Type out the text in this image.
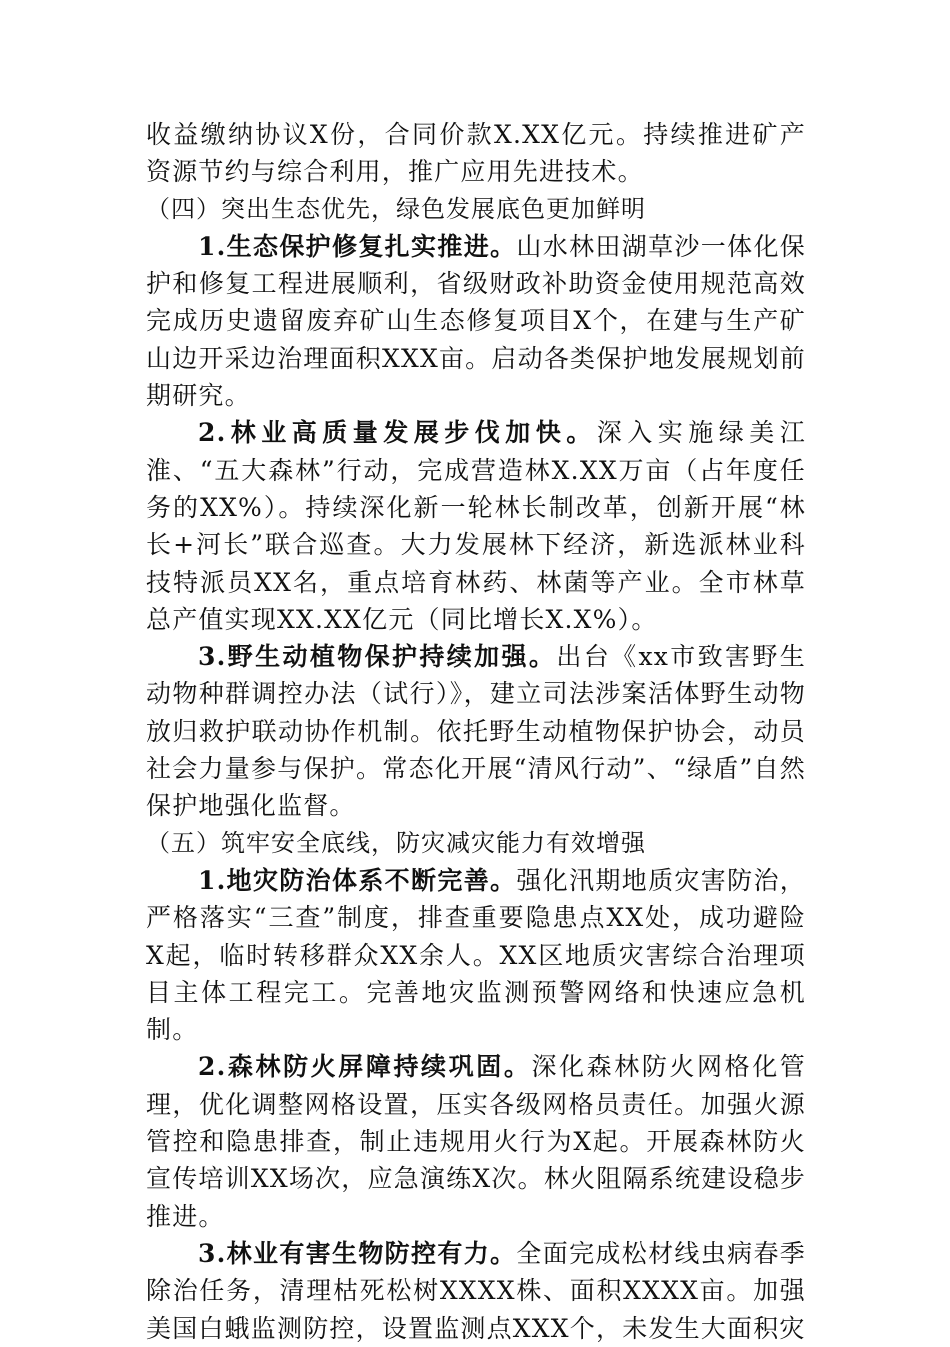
收益缴纳协议X份，合同价款X.XX亿元。持续推进矿产资源节约与综合利用，推广应用先进技术。

（四）突出生态优先，绿色发展底色更加鲜明

1.生态保护修复扎实推进。山水林田湖草沙一体化保护和修复工程进展顺利，省级财政补助资金使用规范高效完成历史遗留废弃矿山生态修复项目X个，在建与生产矿山边开采边治理面积XXX亩。启动各类保护地发展规划前期研究。

2.林业高质量发展步伐加快。深入实施绿美江淮、“五大森林”行动，完成营造林X.XX万亩（占年度任务的XX%）。持续深化新一轮林长制改革，创新开展“林长+河长”联合巡查。大力发展林下经济，新选派林业科技特派员XX名，重点培育林药、林菌等产业。全市林草总产值实现XX.XX亿元（同比增长X.X%）。

3.野生动植物保护持续加强。出台《xx市致害野生动物种群调控办法（试行）》，建立司法涉案活体野生动物放归救护联动协作机制。依托野生动植物保护协会，动员社会力量参与保护。常态化开展“清风行动”、“绿盾”自然保护地强化监督。

（五）筑牢安全底线，防灾减灾能力有效增强

1.地灾防治体系不断完善。强化汛期地质灾害防治，严格落实“三查”制度，排查重要隐患点XX处，成功避险X起，临时转移群众XX余人。XX区地质灾害综合治理项目主体工程完工。完善地灾监测预警网络和快速应急机制。

2.森林防火屏障持续巩固。深化森林防火网格化管理，优化调整网格设置，压实各级网格员责任。加强火源管控和隐患排查，制止违规用火行为X起。开展森林防火宣传培训XX场次，应急演练X次。林火阻隔系统建设稳步推进。

3.林业有害生物防控有力。全面完成松材线虫病春季除治任务，清理枯死松树XXXX株、面积XXXX亩。加强美国白蛾监测防控，设置监测点XXX个，未发生大面积灾
